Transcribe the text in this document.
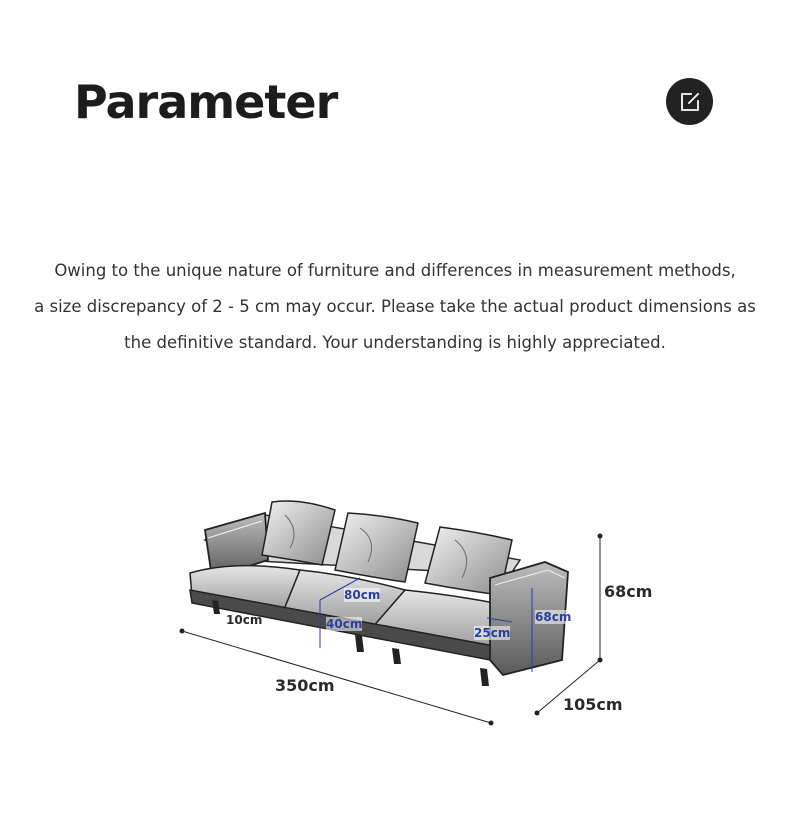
Parameter

Owing to the unique nature of furniture and differences in measurement methods,

a size discrepancy of 2 - 5 cm may occur. Please take the actual product dimensions as

the definitive standard. Your understanding is highly appreciated.

350cm
105cm
68cm
10cm
80cm
40cm
25cm
68cm
